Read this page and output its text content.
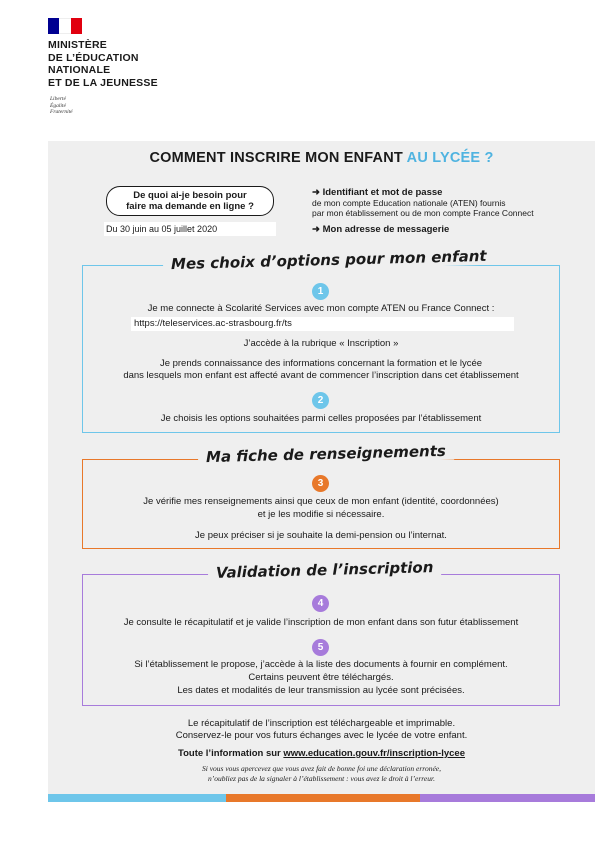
MINISTÈRE
DE L’ÉDUCATION
NATIONALE
ET DE LA JEUNESSE
Liberté
Égalité
Fraternité
COMMENT INSCRIRE MON ENFANT AU LYCÉE ?
De quoi ai-je besoin pour
faire ma demande en ligne ?
Du 30 juin au 05 juillet 2020
➜ Identifiant et mot de passe
de mon compte Education nationale (ATEN) fournis
par mon établissement ou de mon compte France Connect
➜ Mon adresse de messagerie
Mes choix d’options pour mon enfant
1
Je me connecte à Scolarité Services avec mon compte ATEN ou France Connect :
https://teleservices.ac-strasbourg.fr/ts
J’accède à la rubrique « Inscription »
Je prends connaissance des informations concernant la formation et le lycée
dans lesquels mon enfant est affecté avant de commencer l’inscription dans cet établissement
2
Je choisis les options souhaitées parmi celles proposées par l’établissement
Ma fiche de renseignements
3
Je vérifie mes renseignements ainsi que ceux de mon enfant (identité, coordonnées)
et je les modifie si nécessaire.
Je peux préciser si je souhaite la demi-pension ou l’internat.
Validation de l’inscription
4
Je consulte le récapitulatif et je valide l’inscription de mon enfant dans son futur établissement
5
Si l’établissement le propose, j’accède à la liste des documents à fournir en complément.
Certains peuvent être téléchargés.
Les dates et modalités de leur transmission au lycée sont précisées.
Le récapitulatif de l’inscription est téléchargeable et imprimable.
Conservez-le pour vos futurs échanges avec le lycée de votre enfant.
Toute l’information sur www.education.gouv.fr/inscription-lycee
Si vous vous apercevez que vous avez fait de bonne foi une déclaration erronée,
n’oubliez pas de la signaler à l’établissement : vous avez le droit à l’erreur.
